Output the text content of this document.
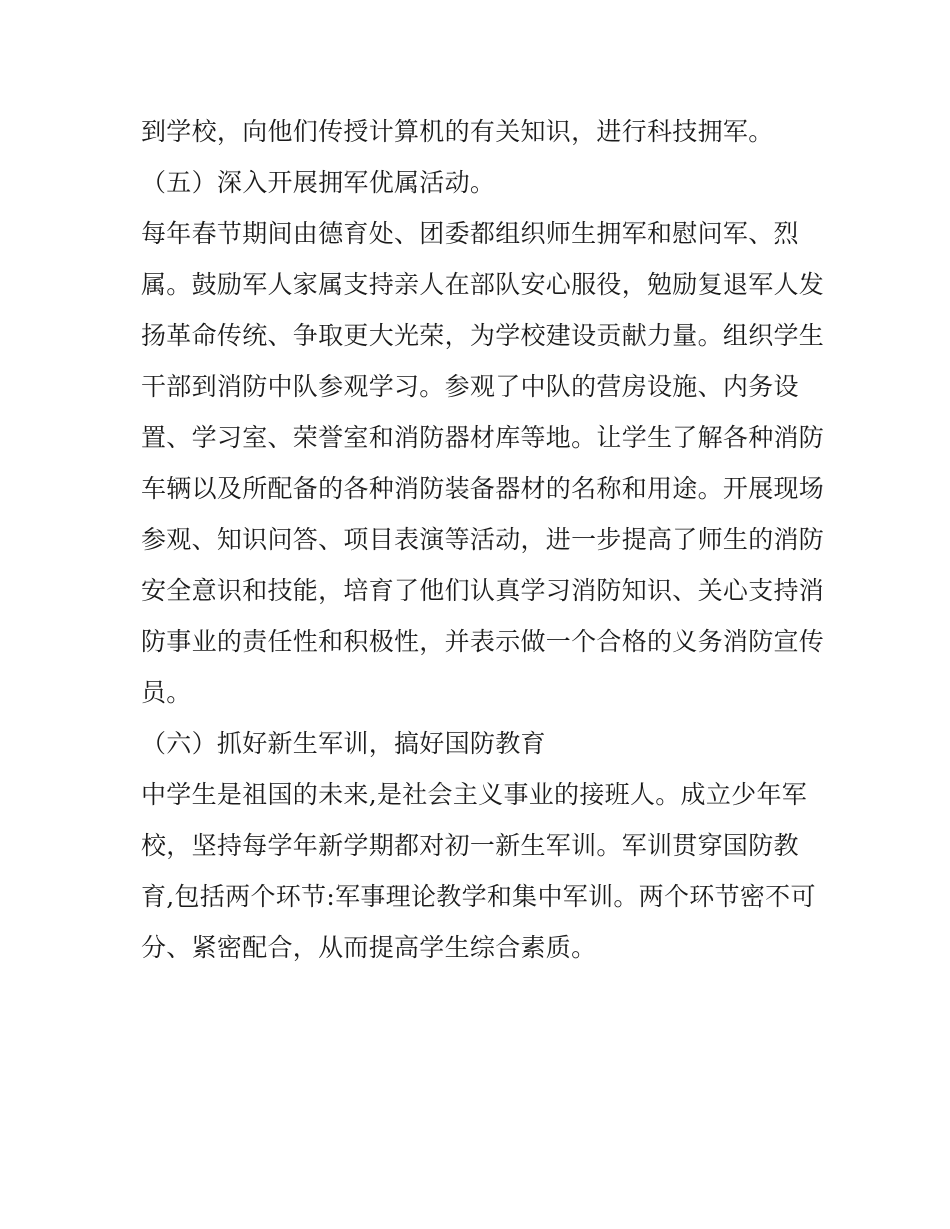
到学校，向他们传授计算机的有关知识，进行科技拥军。
（五）深入开展拥军优属活动。
每年春节期间由德育处、团委都组织师生拥军和慰问军、烈
属。鼓励军人家属支持亲人在部队安心服役，勉励复退军人发
扬革命传统、争取更大光荣，为学校建设贡献力量。组织学生
干部到消防中队参观学习。参观了中队的营房设施、内务设
置、学习室、荣誉室和消防器材库等地。让学生了解各种消防
车辆以及所配备的各种消防装备器材的名称和用途。开展现场
参观、知识问答、项目表演等活动，进一步提高了师生的消防
安全意识和技能，培育了他们认真学习消防知识、关心支持消
防事业的责任性和积极性，并表示做一个合格的义务消防宣传
员。
（六）抓好新生军训，搞好国防教育
中学生是祖国的未来,是社会主义事业的接班人。成立少年军
校，坚持每学年新学期都对初一新生军训。军训贯穿国防教
育,包括两个环节:军事理论教学和集中军训。两个环节密不可
分、紧密配合，从而提高学生综合素质。
